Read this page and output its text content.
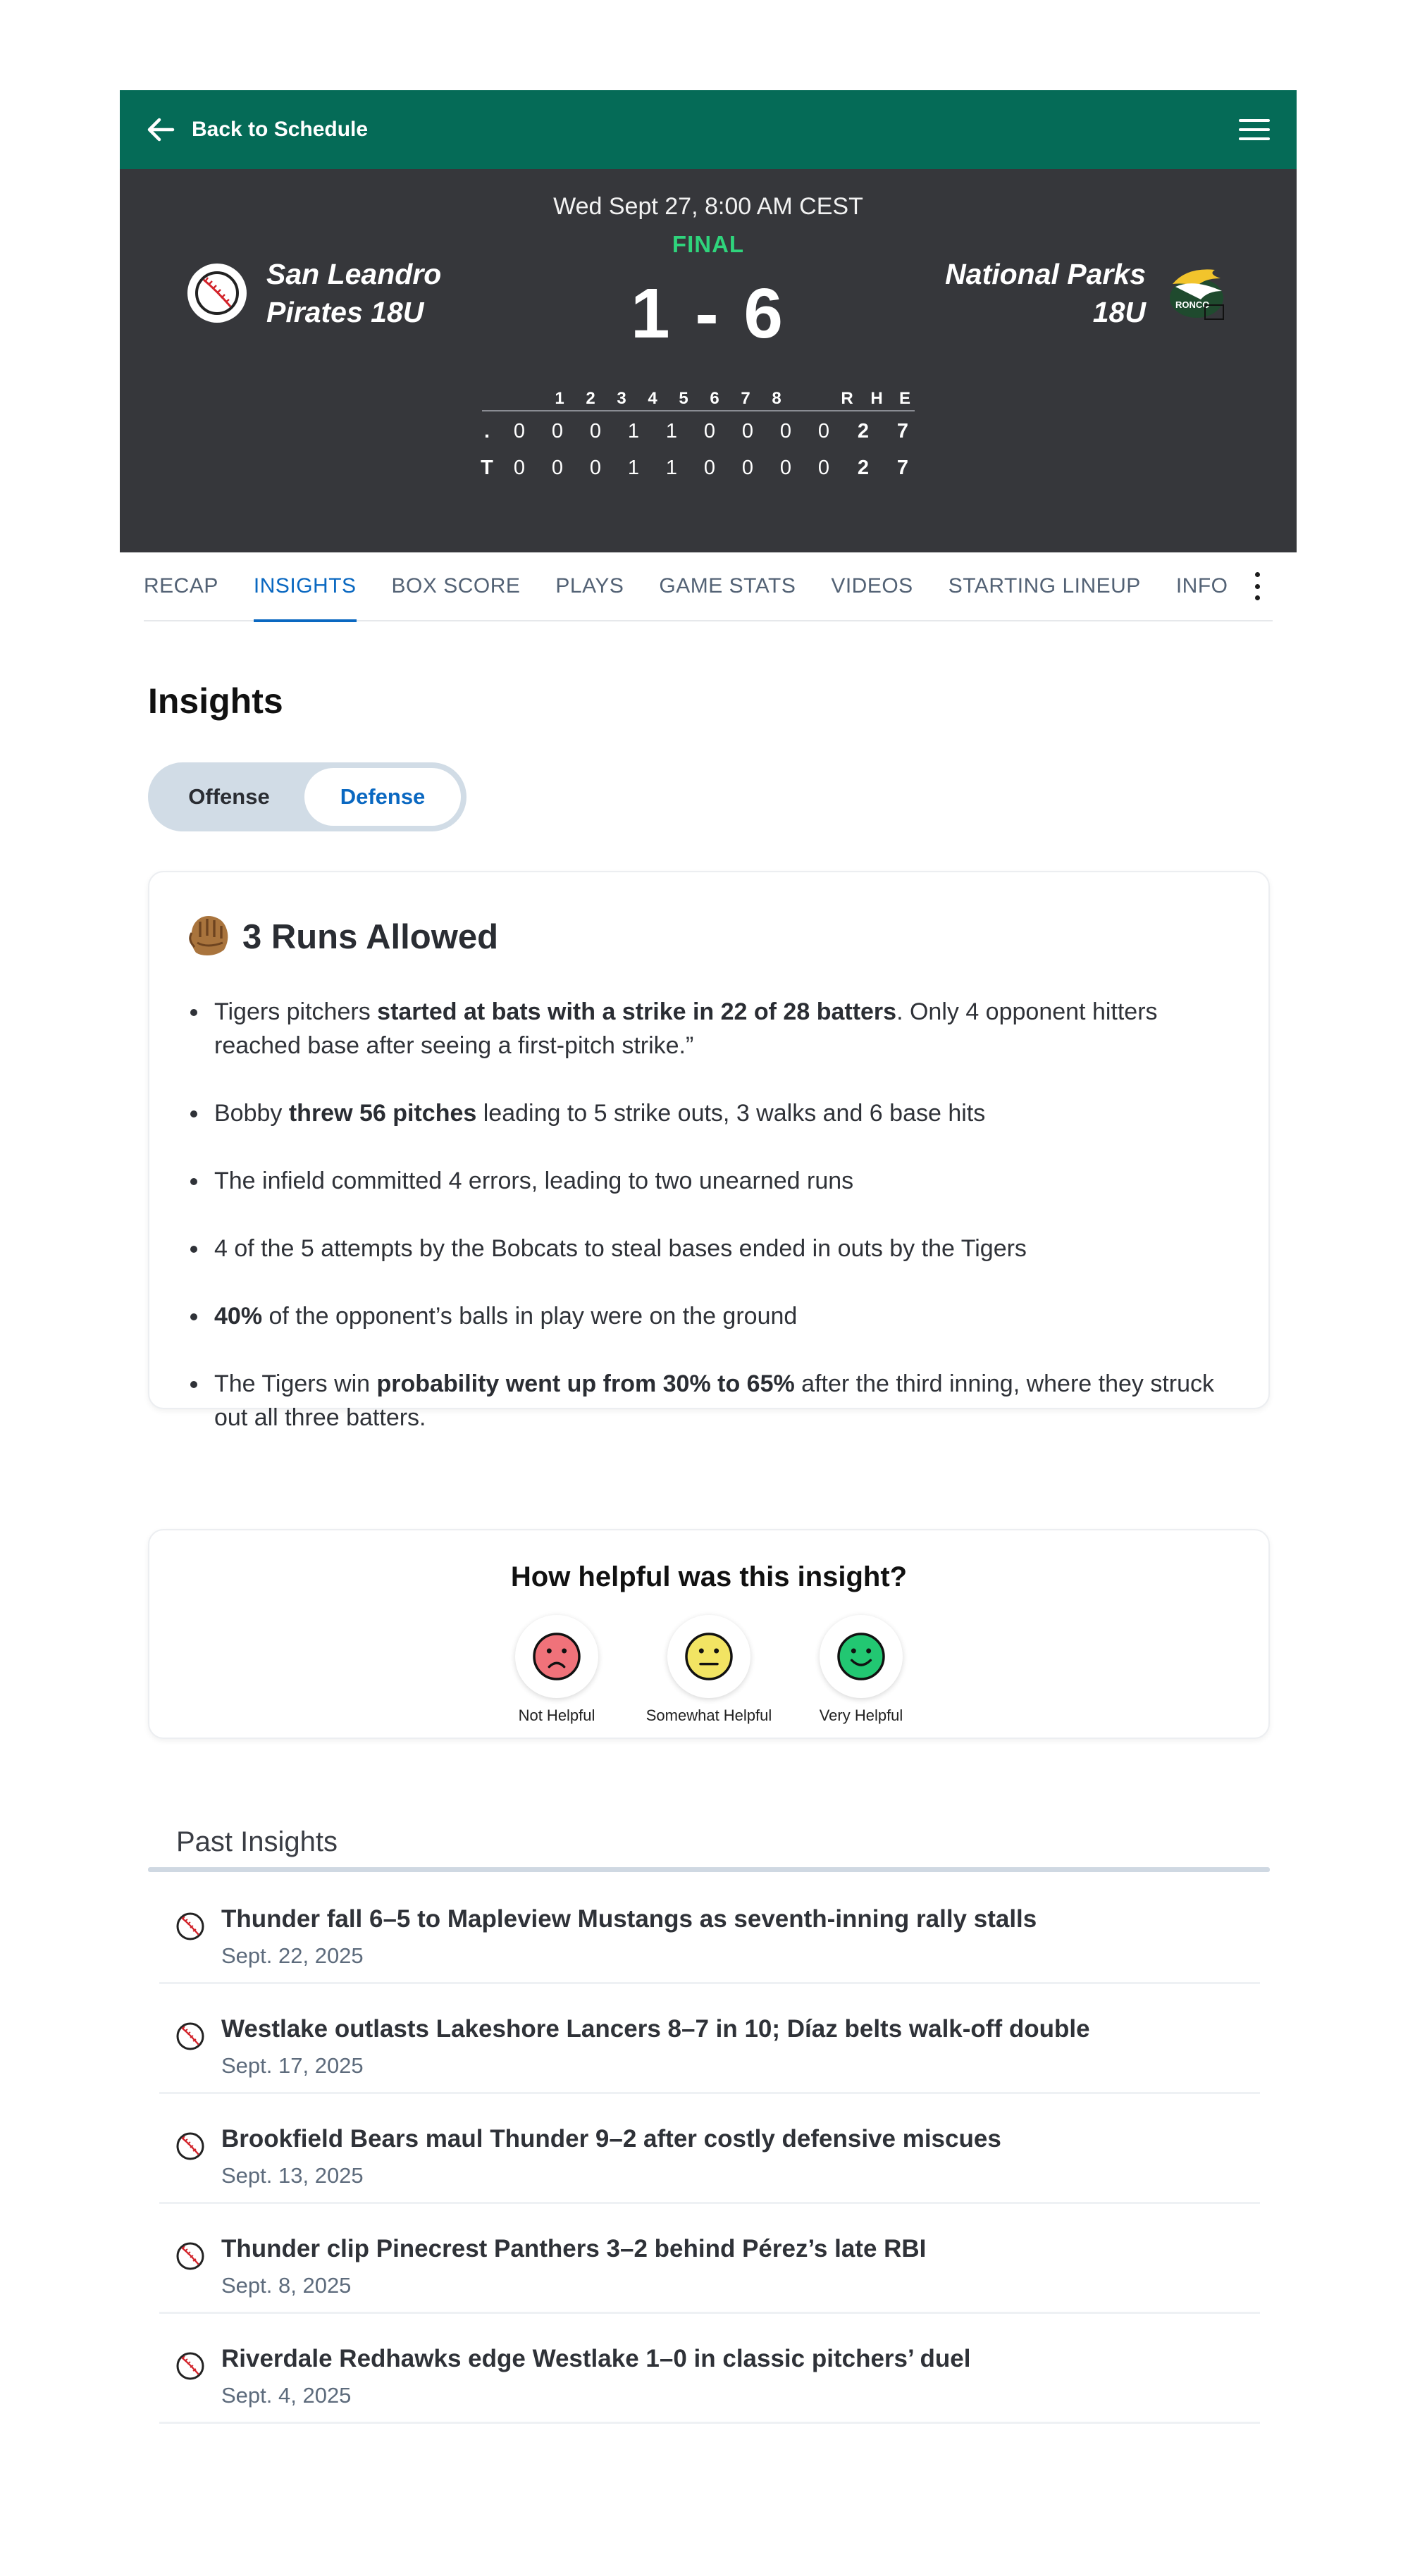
Back to Schedule
Wed Sept 27, 8:00 AM CEST
FINAL
1 - 6
San Leandro
Pirates 18U
National Parks
18U	RONCO
1 2 3 4 5 6 7 8	R H E
. 0 0 0 1 1 0 0 0 0 2 7
T 0 0 0 1 1 0 0 0 0 2 7
RECAP INSIGHTS BOX SCORE PLAYS GAME STATS VIDEOS STARTING LINEUP INFO
Insights
Offense	Defense
3 Runs Allowed
Tigers pitchers started at bats with a strike in 22 of 28 batters. Only 4 opponent hitters reached base after seeing a first-pitch strike.”
Bobby threw 56 pitches leading to 5 strike outs, 3 walks and 6 base hits
The infield committed 4 errors, leading to two unearned runs
4 of the 5 attempts by the Bobcats to steal bases ended in outs by the Tigers
40% of the opponent’s balls in play were on the ground
The Tigers win probability went up from 30% to 65% after the third inning, where they struck out all three batters.
How helpful was this insight?
Not Helpful	Somewhat Helpful	Very Helpful
Past Insights
Thunder fall 6–5 to Mapleview Mustangs as seventh-inning rally stalls
Sept. 22, 2025
Westlake outlasts Lakeshore Lancers 8–7 in 10; Díaz belts walk-off double
Sept. 17, 2025
Brookfield Bears maul Thunder 9–2 after costly defensive miscues
Sept. 13, 2025
Thunder clip Pinecrest Panthers 3–2 behind Pérez’s late RBI
Sept. 8, 2025
Riverdale Redhawks edge Westlake 1–0 in classic pitchers’ duel
Sept. 4, 2025
